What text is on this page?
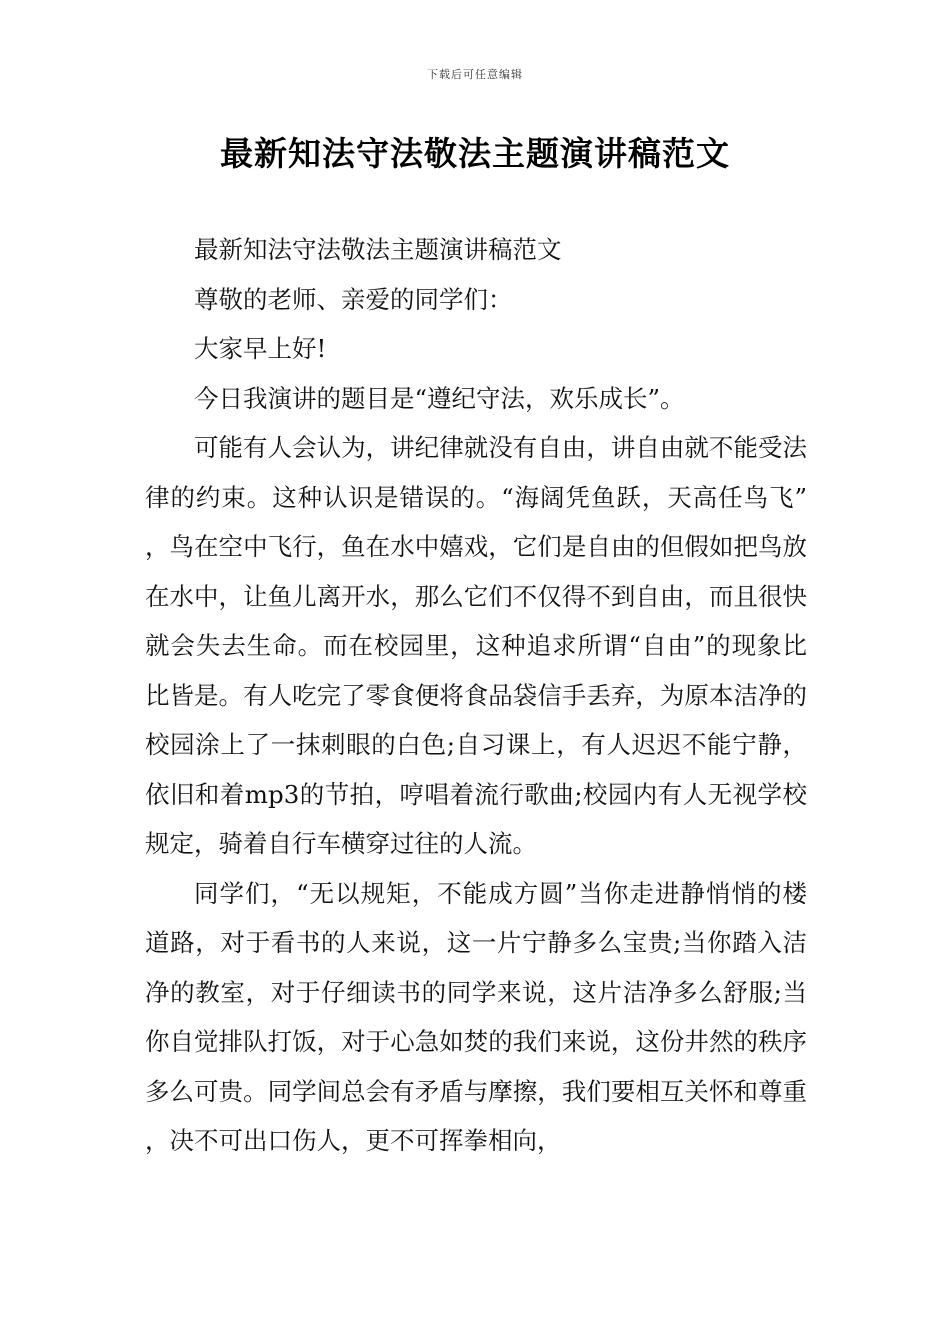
下载后可任意编辑
最新知法守法敬法主题演讲稿范文

最新知法守法敬法主题演讲稿范文

尊敬的老师、亲爱的同学们：

大家早上好!

今日我演讲的题目是“遵纪守法，欢乐成长”。

可能有人会认为，讲纪律就没有自由，讲自由就不能受法律的约束。这种认识是错误的。“海阔凭鱼跃，天高任鸟飞”，鸟在空中飞行，鱼在水中嬉戏，它们是自由的但假如把鸟放在水中，让鱼儿离开水，那么它们不仅得不到自由，而且很快就会失去生命。而在校园里，这种追求所谓“自由”的现象比比皆是。有人吃完了零食便将食品袋信手丢弃，为原本洁净的校园涂上了一抹刺眼的白色;自习课上，有人迟迟不能宁静，依旧和着mp3的节拍，哼唱着流行歌曲;校园内有人无视学校规定，骑着自行车横穿过往的人流。

同学们，“无以规矩，不能成方圆”当你走进静悄悄的楼道路，对于看书的人来说，这一片宁静多么宝贵;当你踏入洁净的教室，对于仔细读书的同学来说，这片洁净多么舒服;当你自觉排队打饭，对于心急如焚的我们来说，这份井然的秩序多么可贵。同学间总会有矛盾与摩擦，我们要相互关怀和尊重，决不可出口伤人，更不可挥拳相向，
